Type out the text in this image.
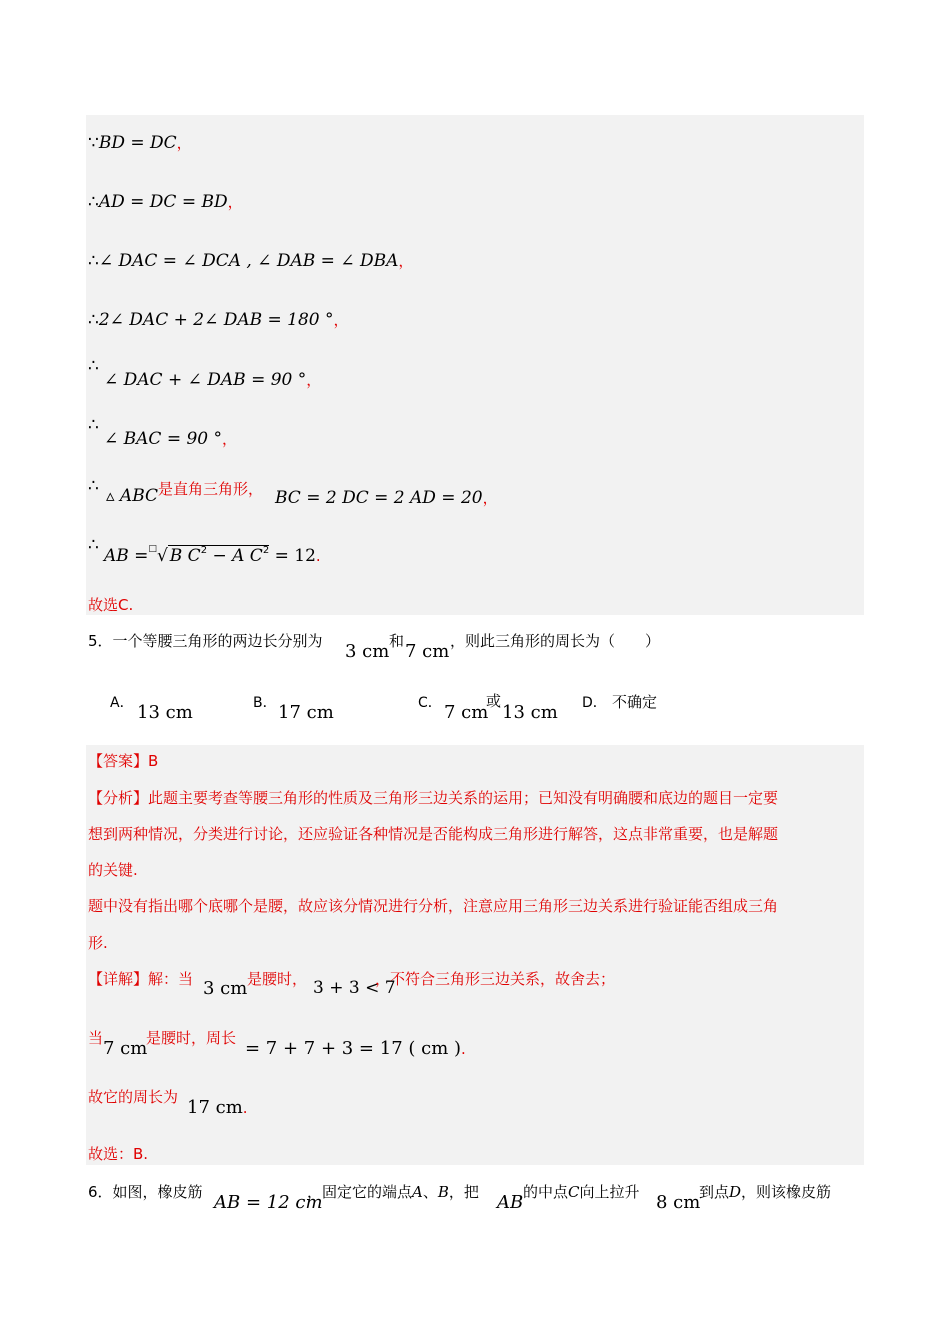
∵BD = DC，
∴AD = DC = BD，
∴∠ DAC = ∠ DCA , ∠ DAB = ∠ DBA，
∴2∠ DAC + 2∠ DAB = 180 °，
∴
∠ DAC + ∠ DAB = 90 °，
∴
∠ BAC = 90 °，
∴ ▵ ABC 是直角三角形， BC = 2 DC = 2 AD = 20，
∴
AB =□√ B $C^2 - A$ $C^2 = 12$.
故选C.
5．一个等腰三角形的两边长分别为 3 cm 和 7 cm ，则此三角形的周长为（　　）
A． 13 cm	B． 17 cm	C． 7 cm
或
13 cm D． 不确定
【答案】B
【分析】此题主要考查等腰三角形的性质及三角形三边关系的运用；已知没有明确腰和底边的题目一定要
想到两种情况，分类进行讨论，还应验证各种情况是否能构成三角形进行解答，这点非常重要，也是解题
的关键.
题中没有指出哪个底哪个是腰，故应该分情况进行分析，注意应用三角形三边关系进行验证能否组成三角
形.
【详解】解：当 3 cm 是腰时， 3 + 3 < 7
，不符合三角形三边关系，故舍去；
当 7 cm
是腰时，周长 = 7 + 7 + 3 = 17 ( cm ).
故它的周长为 17 cm.
故选：B.
6．如图，橡皮筋 AB = 12 cm
，固定它的端点A、B，把 AB 的中点C向上拉升 8 cm
到点D，则该橡皮筋
